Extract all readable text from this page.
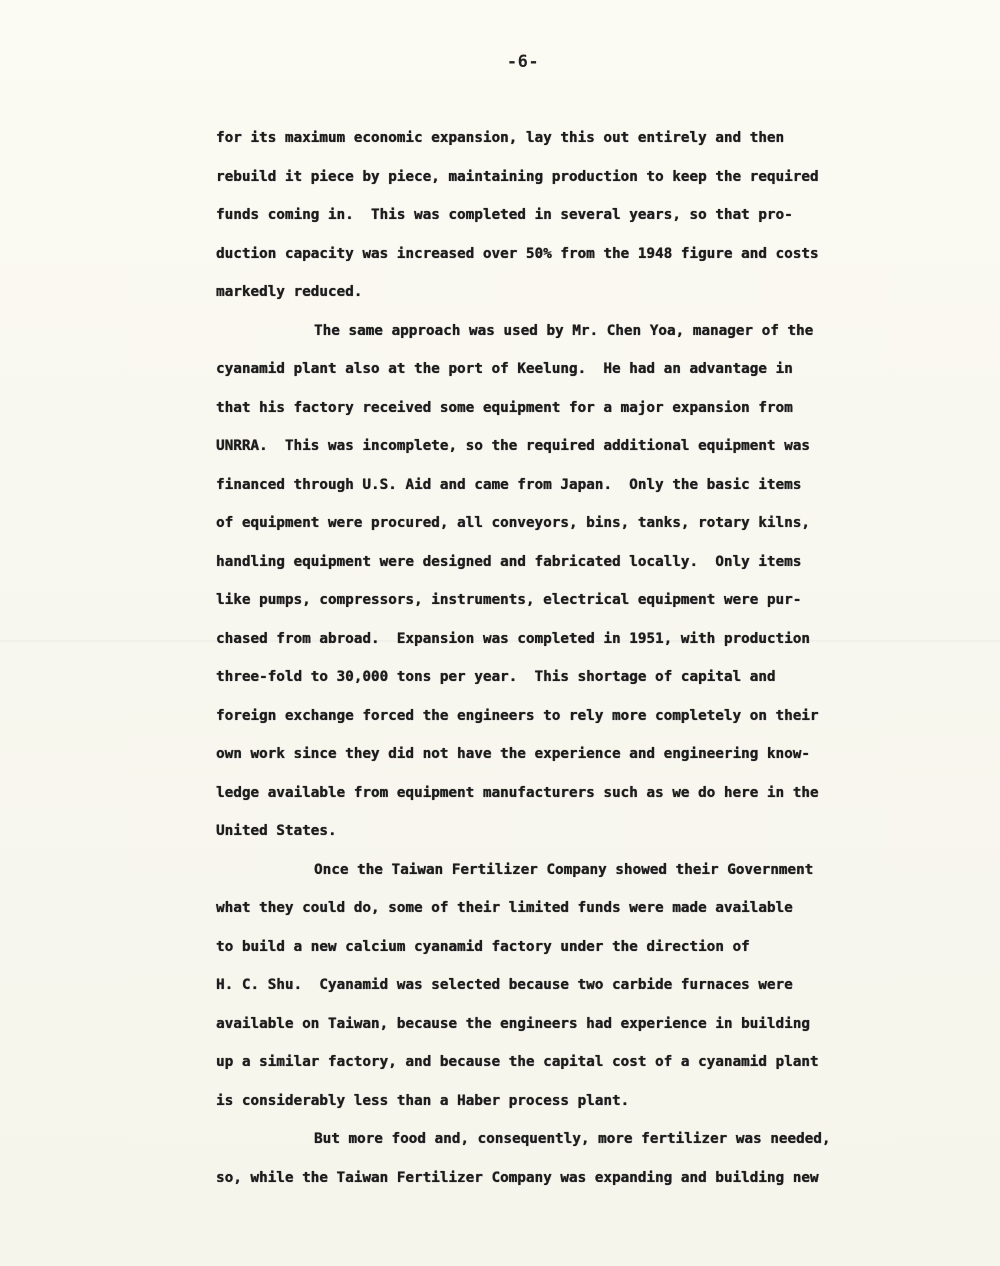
-6-
for its maximum economic expansion, lay this out entirely and then
rebuild it piece by piece, maintaining production to keep the required
funds coming in.  This was completed in several years, so that pro-
duction capacity was increased over 50% from the 1948 figure and costs
markedly reduced.
The same approach was used by Mr. Chen Yoa, manager of the
cyanamid plant also at the port of Keelung.  He had an advantage in
that his factory received some equipment for a major expansion from
UNRRA.  This was incomplete, so the required additional equipment was
financed through U.S. Aid and came from Japan.  Only the basic items
of equipment were procured, all conveyors, bins, tanks, rotary kilns,
handling equipment were designed and fabricated locally.  Only items
like pumps, compressors, instruments, electrical equipment were pur-
chased from abroad.  Expansion was completed in 1951, with production
three-fold to 30,000 tons per year.  This shortage of capital and
foreign exchange forced the engineers to rely more completely on their
own work since they did not have the experience and engineering know-
ledge available from equipment manufacturers such as we do here in the
United States.
Once the Taiwan Fertilizer Company showed their Government
what they could do, some of their limited funds were made available
to build a new calcium cyanamid factory under the direction of
H. C. Shu.  Cyanamid was selected because two carbide furnaces were
available on Taiwan, because the engineers had experience in building
up a similar factory, and because the capital cost of a cyanamid plant
is considerably less than a Haber process plant.
But more food and, consequently, more fertilizer was needed,
so, while the Taiwan Fertilizer Company was expanding and building new
